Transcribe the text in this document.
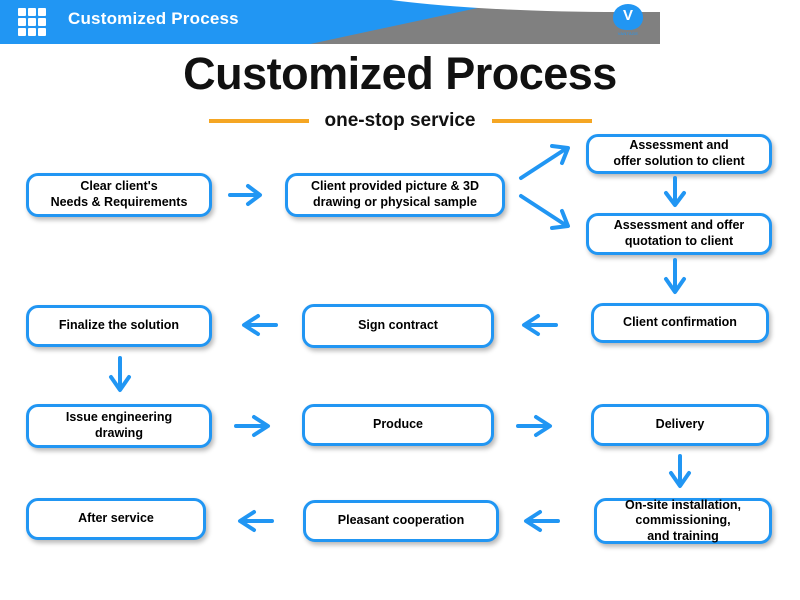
Customized Process	V
VANTAGE
Customized Process
one-stop service
Clear client's
Needs & Requirements
Client provided picture & 3D
drawing or physical sample
Assessment and
offer solution to client
Assessment and offer
quotation to client
Client confirmation
Sign contract
Finalize the solution
Issue engineering
drawing
Produce	Delivery
On-site installation,
commissioning,
and training
Pleasant cooperation
After service
